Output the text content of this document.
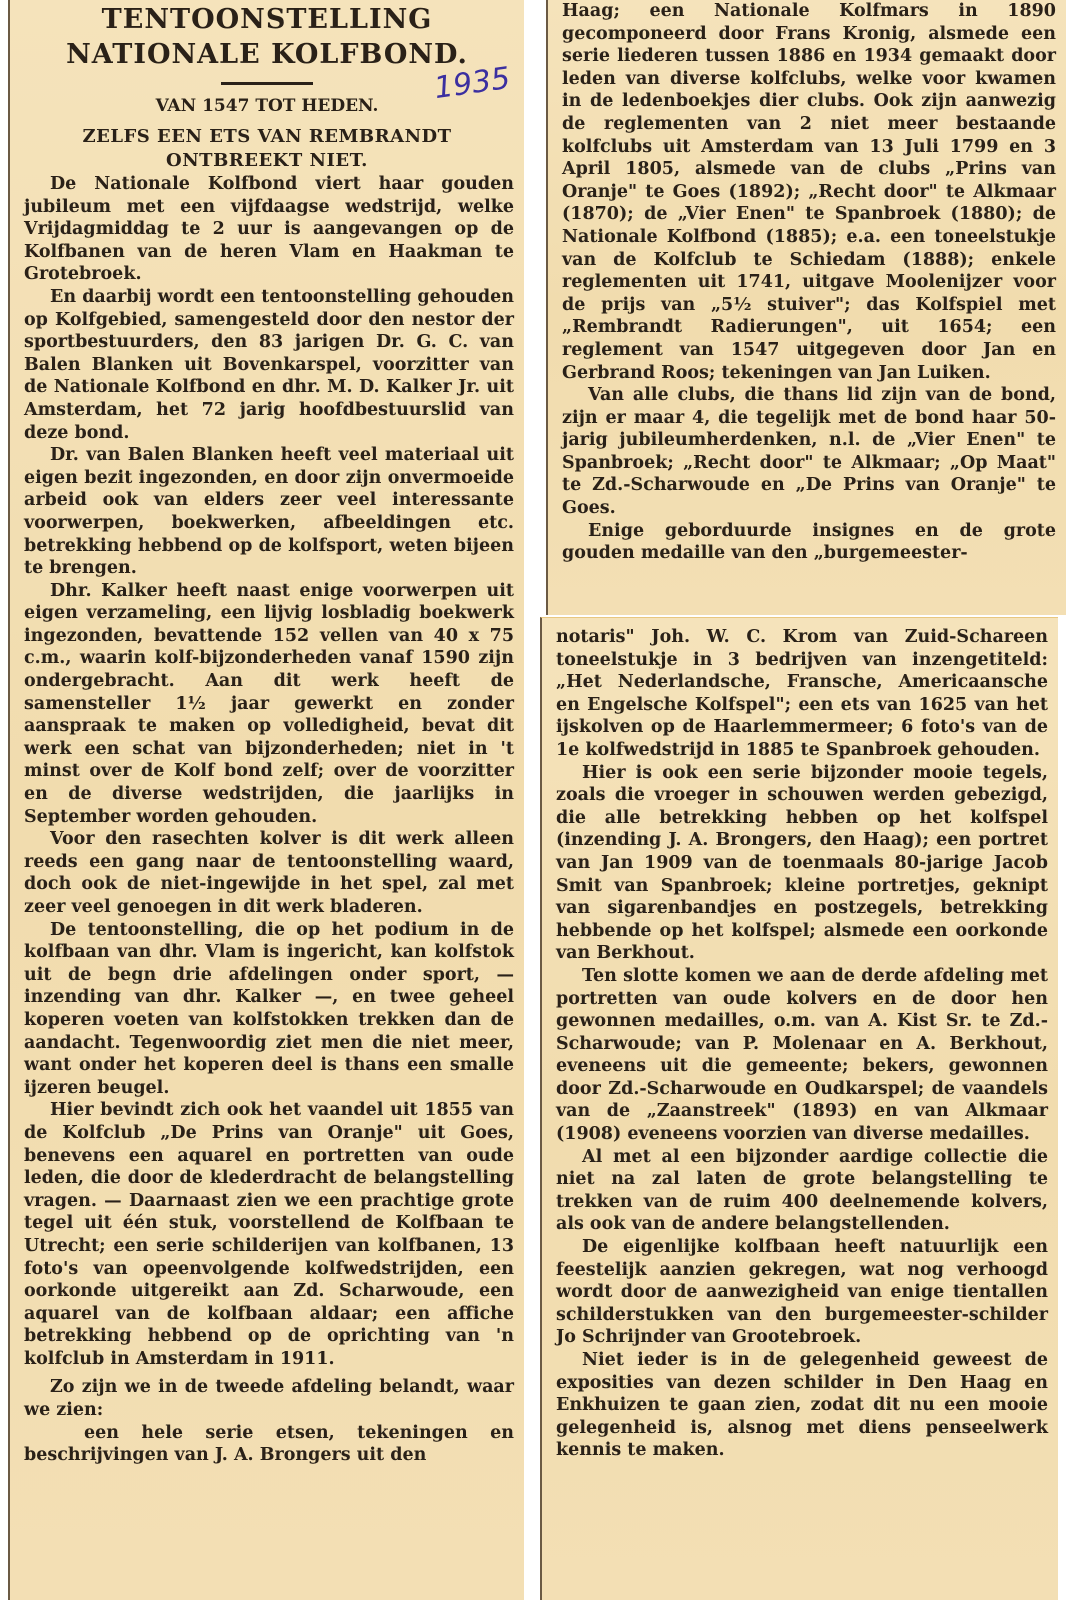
TENTOONSTELLING
NATIONALE KOLFBOND.
VAN 1547 TOT HEDEN.	1935
ZELFS EEN ETS VAN REMBRANDT
ONTBREEKT NIET.

De Nationale Kolfbond viert haar gouden jubileum met een vijfdaagse wedstrijd, welke Vrijdagmiddag te 2 uur is aangevangen op de Kolfbanen van de heren Vlam en Haakman te Grotebroek.

En daarbij wordt een tentoonstelling gehouden op Kolfgebied, samengesteld door den nestor der sportbestuurders, den 83 jarigen Dr. G. C. van Balen Blanken uit Bovenkarspel, voorzitter van de Nationale Kolfbond en dhr. M. D. Kalker Jr. uit Amsterdam, het 72 jarig hoofdbestuurslid van deze bond.

Dr. van Balen Blanken heeft veel materiaal uit eigen bezit ingezonden, en door zijn onvermoeide arbeid ook van elders zeer veel interessante voorwerpen, boekwerken, afbeeldingen etc. betrekking hebbend op de kolfsport, weten bijeen te brengen.

Dhr. Kalker heeft naast enige voorwerpen uit eigen verzameling, een lijvig losbladig boekwerk ingezonden, bevattende 152 vellen van 40 x 75 c.m., waarin kolf-bijzonderheden vanaf 1590 zijn ondergebracht. Aan dit werk heeft de samensteller 1½ jaar gewerkt en zonder aanspraak te maken op volledigheid, bevat dit werk een schat van bijzonderheden; niet in 't minst over de Kolf bond zelf; over de voorzitter en de diverse wedstrijden, die jaarlijks in September worden gehouden.

Voor den rasechten kolver is dit werk alleen reeds een gang naar de tentoonstelling waard, doch ook de niet-ingewijde in het spel, zal met zeer veel genoegen in dit werk bladeren.

De tentoonstelling, die op het podium in de kolfbaan van dhr. Vlam is ingericht, kan kolfstok uit de begn drie afdelingen onder sport, — inzending van dhr. Kalker —, en twee geheel koperen voeten van kolfstokken trekken dan de aandacht. Tegenwoordig ziet men die niet meer, want onder het koperen deel is thans een smalle ijzeren beugel.

Hier bevindt zich ook het vaandel uit 1855 van de Kolfclub „De Prins van Oranje" uit Goes, benevens een aquarel en portretten van oude leden, die door de klederdracht de belangstelling vragen. — Daarnaast zien we een prachtige grote tegel uit één stuk, voorstellend de Kolfbaan te Utrecht; een serie schilderijen van kolfbanen, 13 foto's van opeenvolgende kolfwedstrijden, een oorkonde uitgereikt aan Zd. Scharwoude, een aquarel van de kolfbaan aldaar; een affiche betrekking hebbend op de oprichting van 'n kolfclub in Amsterdam in 1911.

Zo zijn we in de tweede afdeling belandt, waar we zien:

een hele serie etsen, tekeningen en beschrijvingen van J. A. Brongers uit den

Haag; een Nationale Kolfmars in 1890 gecomponeerd door Frans Kronig, alsmede een serie liederen tussen 1886 en 1934 gemaakt door leden van diverse kolfclubs, welke voor kwamen in de ledenboekjes dier clubs. Ook zijn aanwezig de reglementen van 2 niet meer bestaande kolfclubs uit Amsterdam van 13 Juli 1799 en 3 April 1805, alsmede van de clubs „Prins van Oranje" te Goes (1892); „Recht door" te Alkmaar (1870); de „Vier Enen" te Spanbroek (1880); de Nationale Kolfbond (1885); e.a. een toneelstukje van de Kolfclub te Schiedam (1888); enkele reglementen uit 1741, uitgave Moolenijzer voor de prijs van „5½ stuiver"; das Kolfspiel met „Rembrandt Radierungen", uit 1654; een reglement van 1547 uitgegeven door Jan en Gerbrand Roos; tekeningen van Jan Luiken.

Van alle clubs, die thans lid zijn van de bond, zijn er maar 4, die tegelijk met de bond haar 50-jarig jubileumherdenken, n.l. de „Vier Enen" te Spanbroek; „Recht door" te Alkmaar; „Op Maat" te Zd.-Scharwoude en „De Prins van Oranje" te Goes.

Enige geborduurde insignes en de grote gouden medaille van den „burgemeester-

notaris" Joh. W. C. Krom van Zuid-Schareen toneelstukje in 3 bedrijven van inzengetiteld: „Het Nederlandsche, Fransche, Americaansche en Engelsche Kolfspel"; een ets van 1625 van het ijskolven op de Haarlemmermeer; 6 foto's van de 1e kolfwedstrijd in 1885 te Spanbroek gehouden.

Hier is ook een serie bijzonder mooie tegels, zoals die vroeger in schouwen werden gebezigd, die alle betrekking hebben op het kolfspel (inzending J. A. Brongers, den Haag); een portret van Jan 1909 van de toenmaals 80-jarige Jacob Smit van Spanbroek; kleine portretjes, geknipt van sigarenbandjes en postzegels, betrekking hebbende op het kolfspel; alsmede een oorkonde van Berkhout.

Ten slotte komen we aan de derde afdeling met portretten van oude kolvers en de door hen gewonnen medailles, o.m. van A. Kist Sr. te Zd.-Scharwoude; van P. Molenaar en A. Berkhout, eveneens uit die gemeente; bekers, gewonnen door Zd.-Scharwoude en Oudkarspel; de vaandels van de „Zaanstreek" (1893) en van Alkmaar (1908) eveneens voorzien van diverse medailles.

Al met al een bijzonder aardige collectie die niet na zal laten de grote belangstelling te trekken van de ruim 400 deelnemende kolvers, als ook van de andere belangstellenden.

De eigenlijke kolfbaan heeft natuurlijk een feestelijk aanzien gekregen, wat nog verhoogd wordt door de aanwezigheid van enige tientallen schilderstukken van den burgemeester-schilder Jo Schrijnder van Grootebroek.

Niet ieder is in de gelegenheid geweest de exposities van dezen schilder in Den Haag en Enkhuizen te gaan zien, zodat dit nu een mooie gelegenheid is, alsnog met diens penseelwerk kennis te maken.
